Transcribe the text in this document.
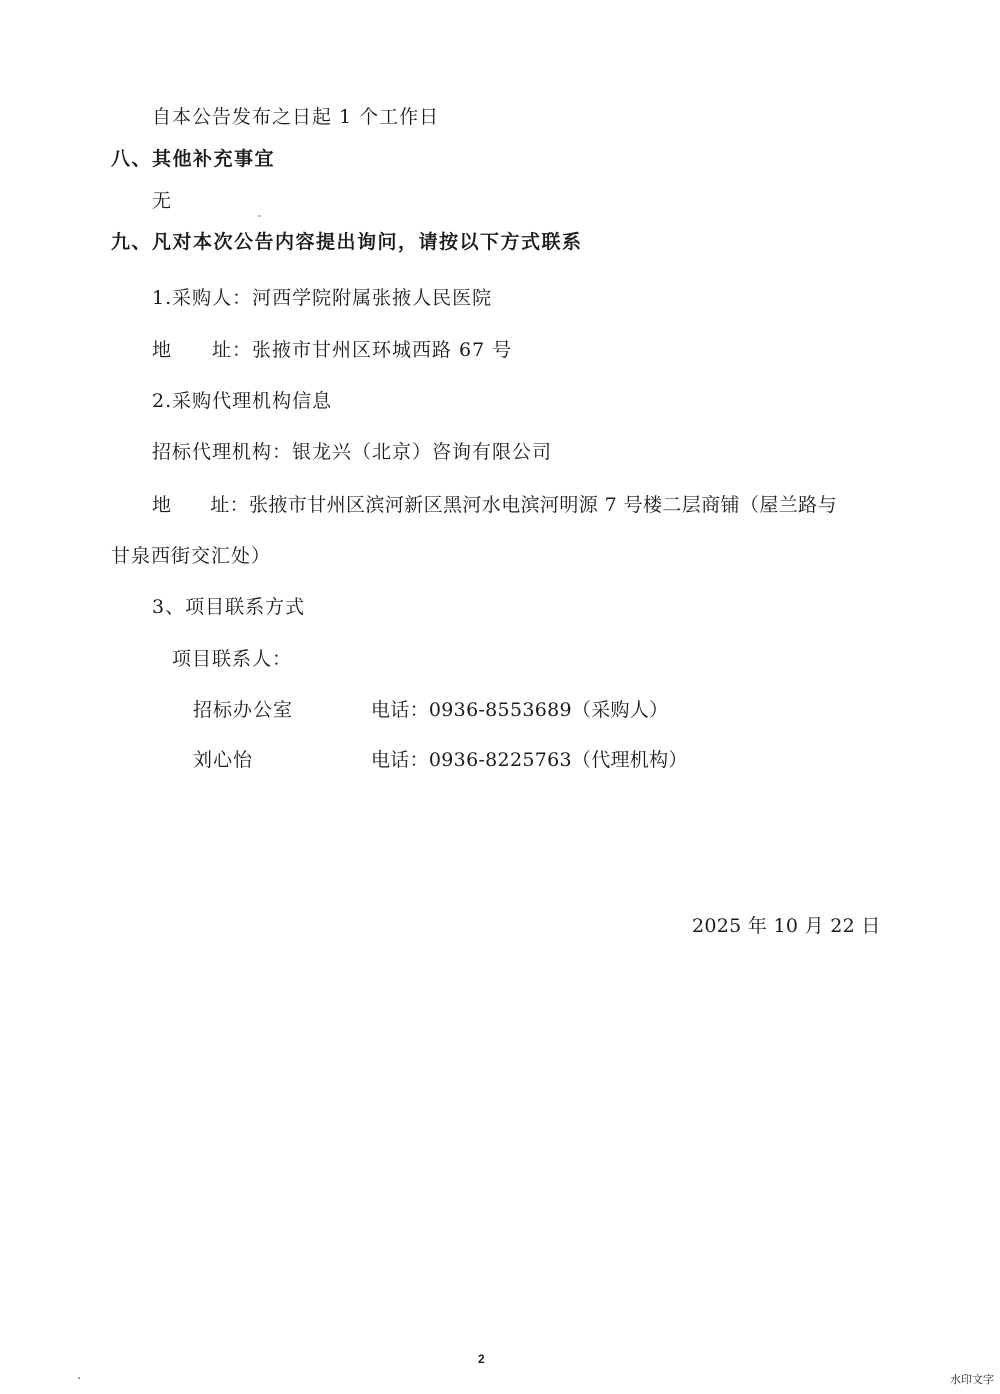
自本公告发布之日起 1 个工作日
八、其他补充事宜
无
九、凡对本次公告内容提出询问，请按以下方式联系
1.采购人：河西学院附属张掖人民医院
地　　址：张掖市甘州区环城西路 67 号
2.采购代理机构信息
招标代理机构：银龙兴（北京）咨询有限公司
地　　址：张掖市甘州区滨河新区黑河水电滨河明源 7 号楼二层商铺（屋兰路与
甘泉西街交汇处）
3、项目联系方式
项目联系人：
招标办公室	电话：0936-8553689（采购人）
刘心怡	电话：0936-8225763（代理机构）
2025 年 10 月 22 日
2
水印文字
